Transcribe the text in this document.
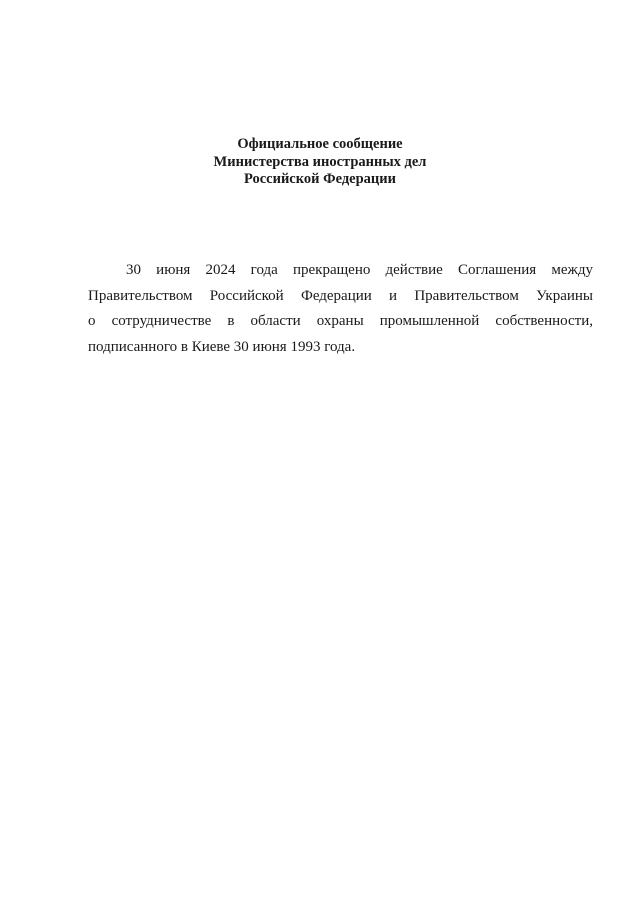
Официальное сообщение
Министерства иностранных дел
Российской Федерации
30 июня 2024 года прекращено действие Соглашения между
Правительством Российской Федерации и Правительством Украины
о сотрудничестве в области охраны промышленной собственности,
подписанного в Киеве 30 июня 1993 года.
